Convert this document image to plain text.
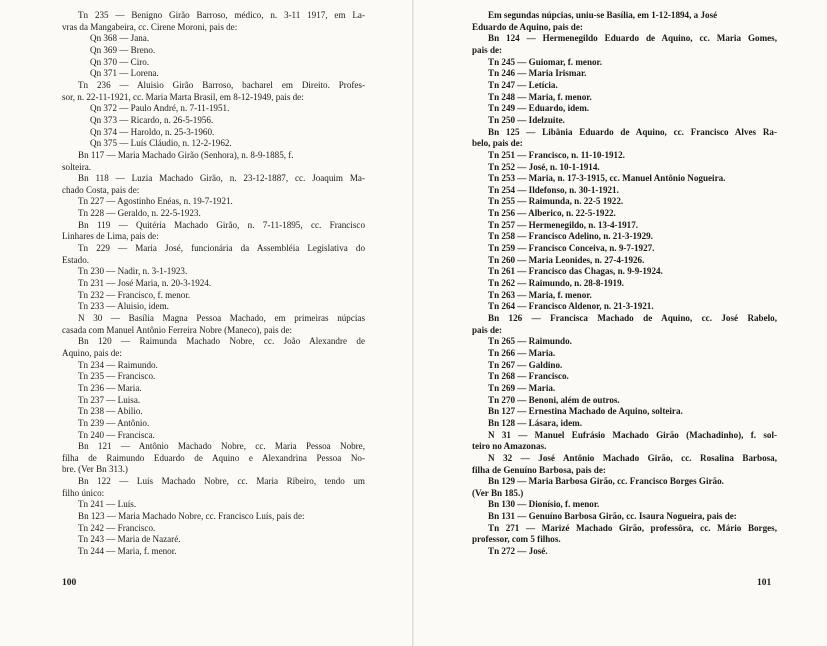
Tn 235 — Benigno Girão Barroso, médico, n. 3-11 1917, em La-
vras da Mangabeira, cc. Cirene Moroni, pais de:
Qn 368 — Jana.
Qn 369 — Breno.
Qn 370 — Ciro.
Qn 371 — Lorena.
Tn 236 — Aluisio Girão Barroso, bacharel em Direito. Profes-
sor, n. 22-11-1921, cc. Maria Marta Brasil, em 8-12-1949, pais de:
Qn 372 — Paulo André, n. 7-11-1951.
Qn 373 — Ricardo, n. 26-5-1956.
Qn 374 — Haroldo, n. 25-3-1960.
Qn 375 — Luís Cláudio, n. 12-2-1962.
Bn 117 — Maria Machado Girão (Senhora), n. 8-9-1885, f.
solteira.
Bn 118 — Luzia Machado Girão, n. 23-12-1887, cc. Joaquim Ma-
chado Costa, pais de:
Tn 227 — Agostinho Enéas, n. 19-7-1921.
Tn 228 — Geraldo, n. 22-5-1923.
Bn 119 — Quitéria Machado Girão, n. 7-11-1895, cc. Francisco
Linhares de Lima, pais de:
Tn 229 — Maria José, funcionária da Assembléia Legislativa do
Estado.
Tn 230 — Nadir, n. 3-1-1923.
Tn 231 — José Maria, n. 20-3-1924.
Tn 232 — Francisco, f. menor.
Tn 233 — Aluisio, idem.
N 30 — Basília Magna Pessoa Machado, em primeiras núpcias
casada com Manuel Antônio Ferreira Nobre (Maneco), pais de:
Bn 120 — Raimunda Machado Nobre, cc. João Alexandre de
Aquino, pais de:
Tn 234 — Raimundo.
Tn 235 — Francisco.
Tn 236 — Maria.
Tn 237 — Luisa.
Tn 238 — Abilio.
Tn 239 — Antônio.
Tn 240 — Francisca.
Bn 121 — Antônio Machado Nobre, cc. Maria Pessoa Nobre,
filha de Raimundo Eduardo de Aquino e Alexandrina Pessoa No-
bre. (Ver Bn 313.)
Bn 122 — Luís Machado Nobre, cc. Maria Ribeiro, tendo um
filho único:
Tn 241 — Luís.
Bn 123 — Maria Machado Nobre, cc. Francisco Luís, pais de:
Tn 242 — Francisco.
Tn 243 — Maria de Nazaré.
Tn 244 — Maria, f. menor.
100
Em segundas núpcias, uniu-se Basília, em 1-12-1894, a José
Eduardo de Aquino, pais de:
Bn 124 — Hermenegildo Eduardo de Aquino, cc. Maria Gomes,
pais de:
Tn 245 — Guiomar, f. menor.
Tn 246 — Maria Irismar.
Tn 247 — Letícia.
Tn 248 — Maria, f. menor.
Tn 249 — Eduardo, idem.
Tn 250 — Idelzuite.
Bn 125 — Libânia Eduardo de Aquino, cc. Francisco Alves Ra-
belo, pais de:
Tn 251 — Francisco, n. 11-10-1912.
Tn 252 — José, n. 10-1-1914.
Tn 253 — Maria, n. 17-3-1915, cc. Manuel Antônio Nogueira.
Tn 254 — Ildefonso, n. 30-1-1921.
Tn 255 — Raimunda, n. 22-5 1922.
Tn 256 — Alberico, n. 22-5-1922.
Tn 257 — Hermenegildo, n. 13-4-1917.
Tn 258 — Francisco Adelino, n. 21-3-1929.
Tn 259 — Francisco Conceiva, n. 9-7-1927.
Tn 260 — Maria Leonides, n. 27-4-1926.
Tn 261 — Francisco das Chagas, n. 9-9-1924.
Tn 262 — Raimundo, n. 28-8-1919.
Tn 263 — Maria, f. menor.
Tn 264 — Francisco Aldenor, n. 21-3-1921.
Bn 126 — Francisca Machado de Aquino, cc. José Rabelo,
pais de:
Tn 265 — Raimundo.
Tn 266 — Maria.
Tn 267 — Galdino.
Tn 268 — Francisco.
Tn 269 — Maria.
Tn 270 — Benoni, além de outros.
Bn 127 — Ernestina Machado de Aquino, solteira.
Bn 128 — Lásara, idem.
N 31 — Manuel Eufrásio Machado Girão (Machadinho), f. sol-
teiro no Amazonas.
N 32 — José Antônio Machado Girão, cc. Rosalina Barbosa,
filha de Genuíno Barbosa, pais de:
Bn 129 — Maria Barbosa Girão, cc. Francisco Borges Girão.
(Ver Bn 185.)
Bn 130 — Dionísio, f. menor.
Bn 131 — Genuíno Barbosa Girão, cc. Isaura Nogueira, pais de:
Tn 271 — Marizé Machado Girão, professôra, cc. Mário Borges,
professor, com 5 filhos.
Tn 272 — José.
101
